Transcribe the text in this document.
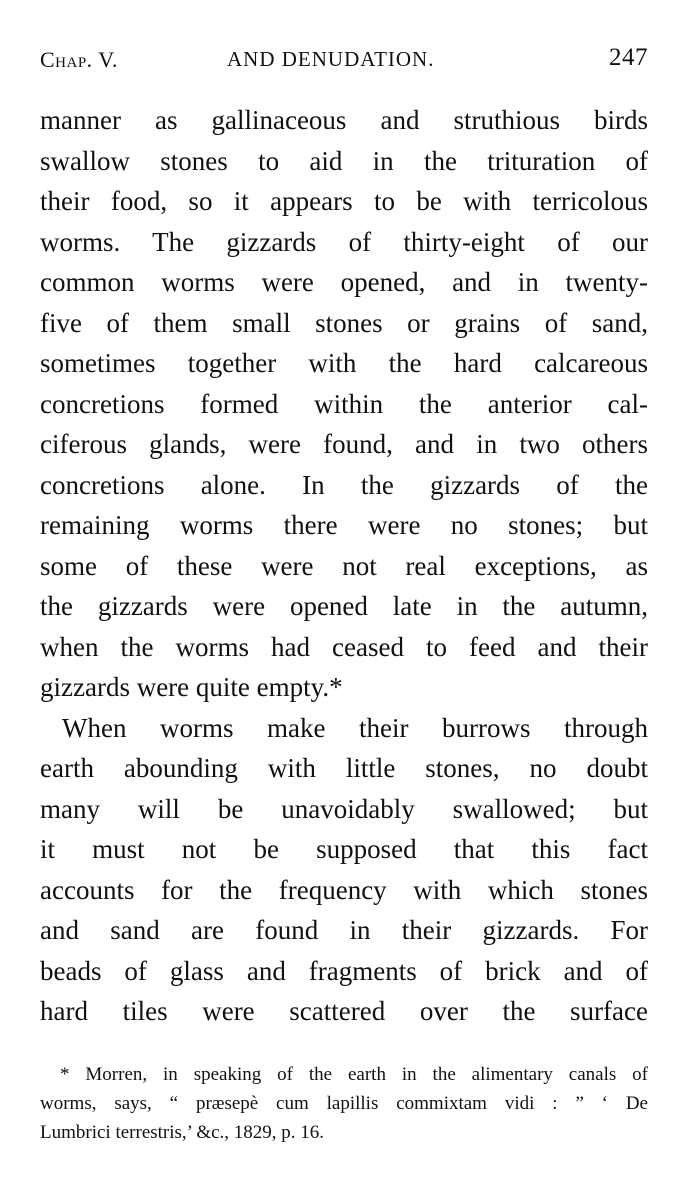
Chap. V.	AND DENUDATION.	247
manner as gallinaceous and struthious birds
swallow stones to aid in the trituration of
their food, so it appears to be with terricolous
worms. The gizzards of thirty-eight of our
common worms were opened, and in twenty-
five of them small stones or grains of sand,
sometimes together with the hard calcareous
concretions formed within the anterior cal-
ciferous glands, were found, and in two others
concretions alone. In the gizzards of the
remaining worms there were no stones; but
some of these were not real exceptions, as
the gizzards were opened late in the autumn,
when the worms had ceased to feed and their
gizzards were quite empty.*
When worms make their burrows through
earth abounding with little stones, no doubt
many will be unavoidably swallowed; but
it must not be supposed that this fact
accounts for the frequency with which stones
and sand are found in their gizzards. For
beads of glass and fragments of brick and of
hard tiles were scattered over the surface
* Morren, in speaking of the earth in the alimentary canals of
worms, says, “ præsepè cum lapillis commixtam vidi : ” ‘ De
Lumbrici terrestris,’ &c., 1829, p. 16.
